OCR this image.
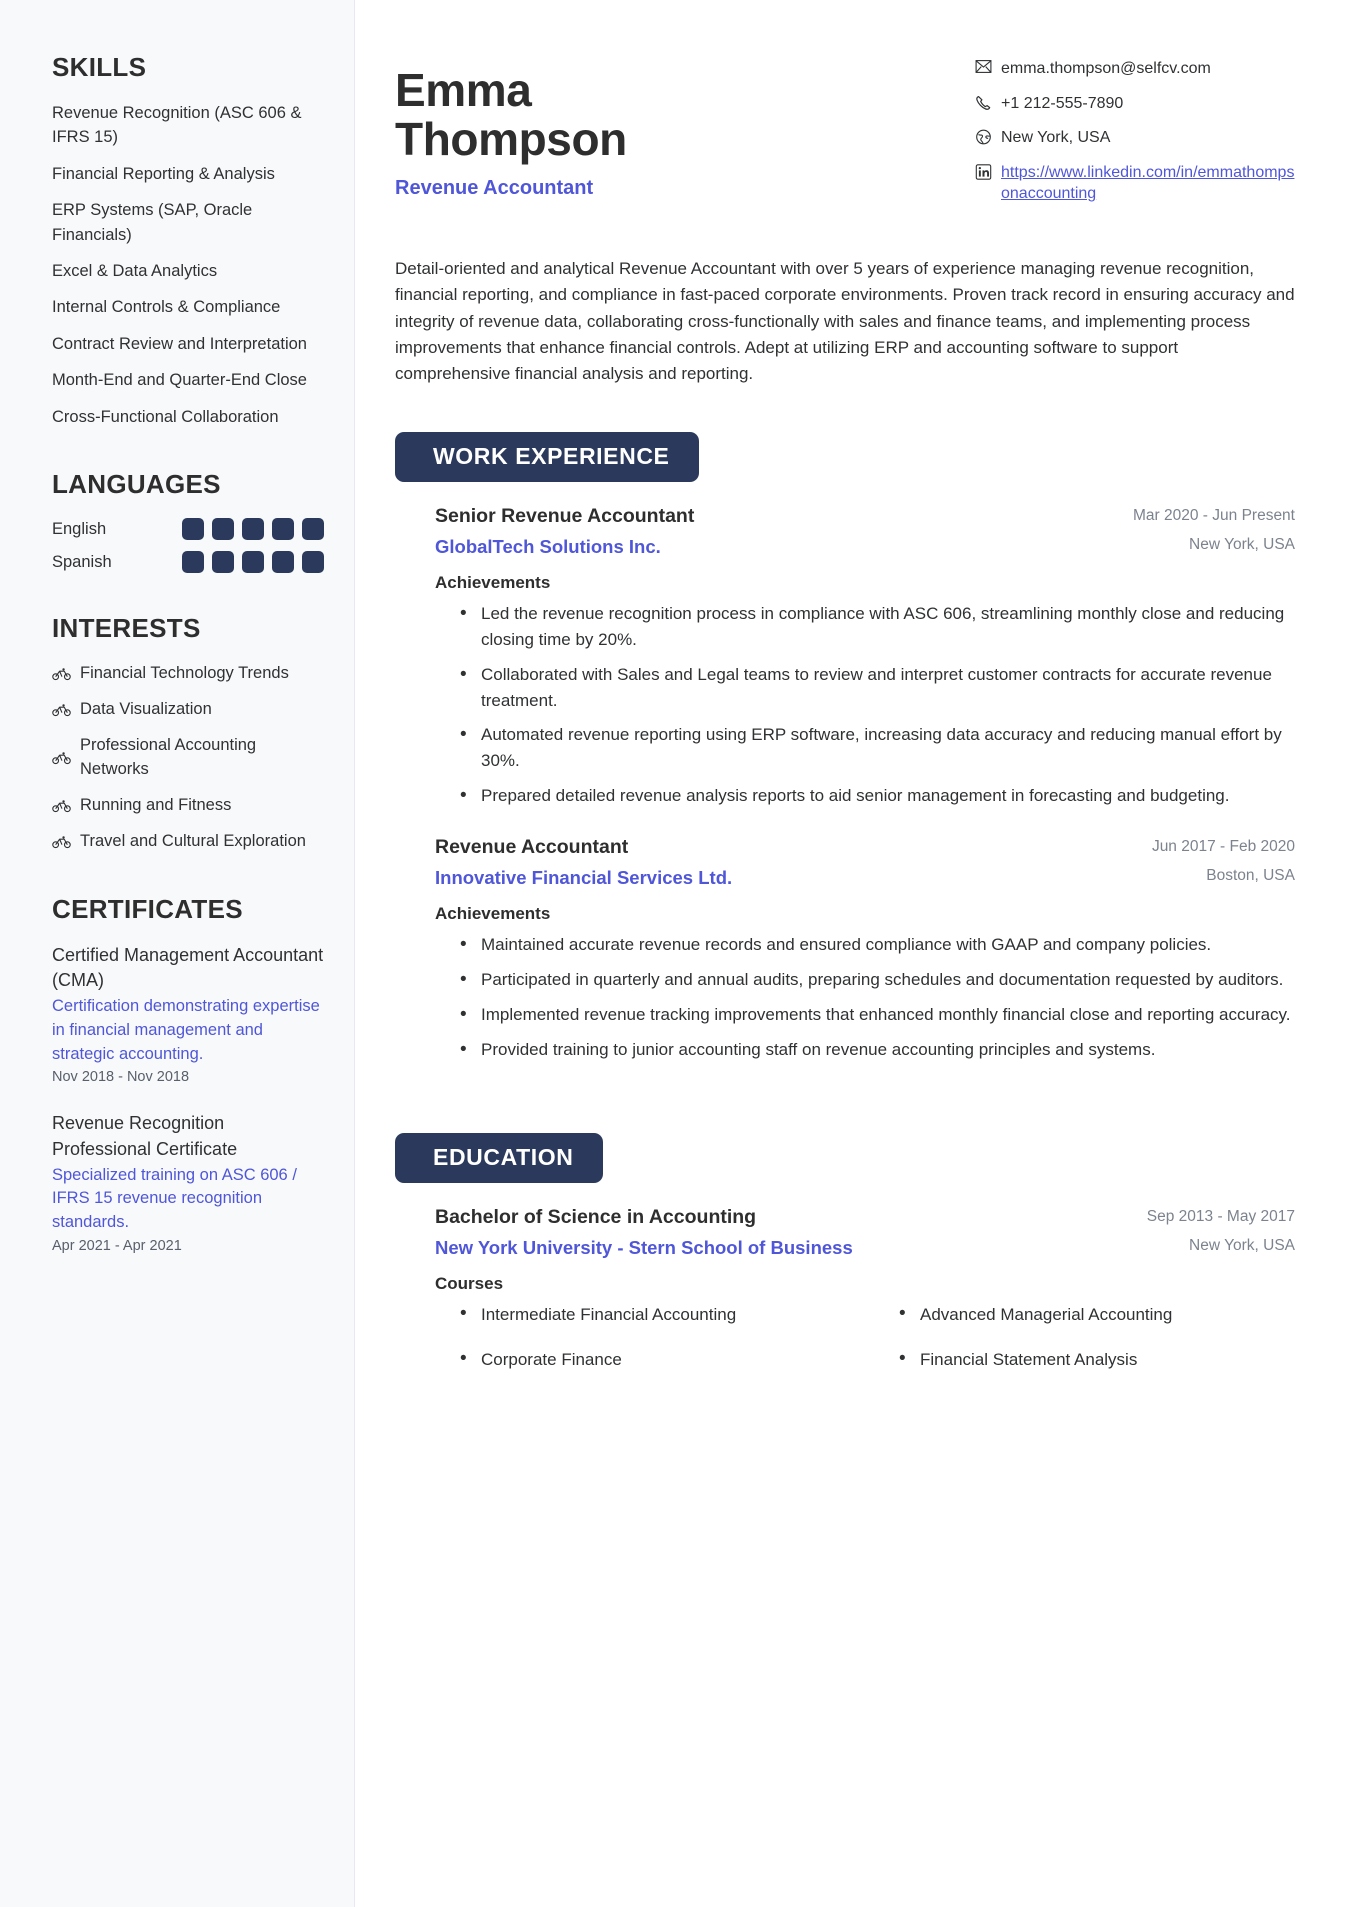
SKILLS
Revenue Recognition (ASC 606 & IFRS 15)
Financial Reporting & Analysis
ERP Systems (SAP, Oracle Financials)
Excel & Data Analytics
Internal Controls & Compliance
Contract Review and Interpretation
Month-End and Quarter-End Close
Cross-Functional Collaboration
LANGUAGES
English
Spanish
INTERESTS
Financial Technology Trends
Data Visualization
Professional Accounting Networks
Running and Fitness
Travel and Cultural Exploration
CERTIFICATES
Certified Management Accountant (CMA)
Certification demonstrating expertise in financial management and strategic accounting.
Nov 2018 - Nov 2018
Revenue Recognition Professional Certificate
Specialized training on ASC 606 / IFRS 15 revenue recognition standards.
Apr 2021 - Apr 2021
Emma
Thompson
Revenue Accountant
emma.thompson@selfcv.com
+1 212-555-7890
New York, USA
https://www.linkedin.com/in/emmathompsonaccounting

Detail-oriented and analytical Revenue Accountant with over 5 years of experience managing revenue recognition, financial reporting, and compliance in fast-paced corporate environments. Proven track record in ensuring accuracy and integrity of revenue data, collaborating cross-functionally with sales and finance teams, and implementing process improvements that enhance financial controls. Adept at utilizing ERP and accounting software to support comprehensive financial analysis and reporting.

WORK EXPERIENCE
Senior Revenue Accountant
GlobalTech Solutions Inc.
Mar 2020 - Jun Present
New York, USA
Achievements
• Led the revenue recognition process in compliance with ASC 606, streamlining monthly close and reducing closing time by 20%.
• Collaborated with Sales and Legal teams to review and interpret customer contracts for accurate revenue treatment.
• Automated revenue reporting using ERP software, increasing data accuracy and reducing manual effort by 30%.
• Prepared detailed revenue analysis reports to aid senior management in forecasting and budgeting.
Revenue Accountant
Innovative Financial Services Ltd.
Jun 2017 - Feb 2020
Boston, USA
Achievements
• Maintained accurate revenue records and ensured compliance with GAAP and company policies.
• Participated in quarterly and annual audits, preparing schedules and documentation requested by auditors.
• Implemented revenue tracking improvements that enhanced monthly financial close and reporting accuracy.
• Provided training to junior accounting staff on revenue accounting principles and systems.
EDUCATION
Bachelor of Science in Accounting
New York University - Stern School of Business
Sep 2013 - May 2017
New York, USA
Courses
• Intermediate Financial Accounting	• Advanced Managerial Accounting
• Corporate Finance	• Financial Statement Analysis
